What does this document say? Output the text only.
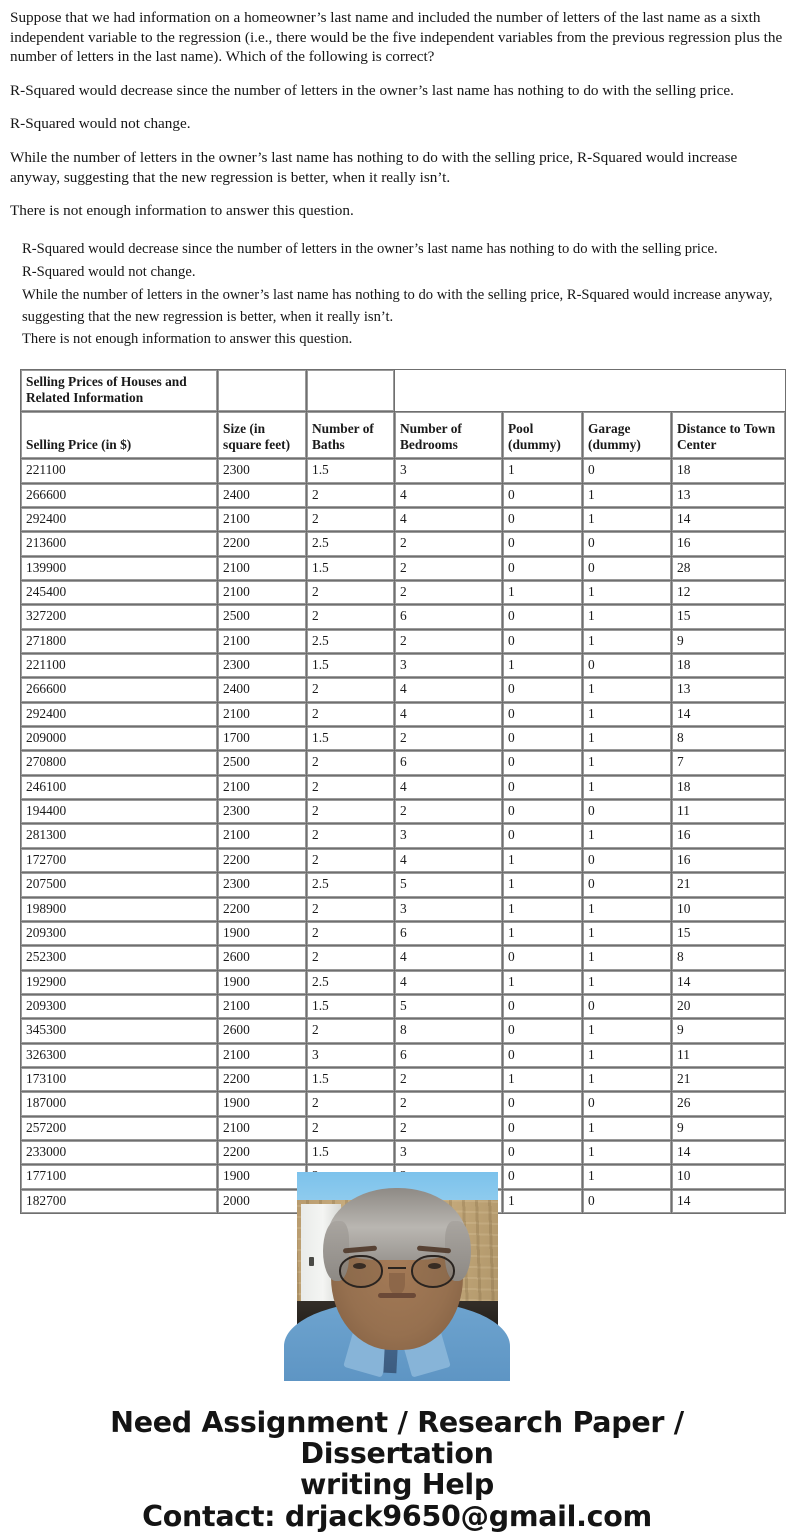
Suppose that we had information on a homeowner’s last name and included the number of letters of the last name as a sixth independent variable to the regression (i.e., there would be the five independent variables from the previous regression plus the number of letters in the last name). Which of the following is correct?

R-Squared would decrease since the number of letters in the owner’s last name has nothing to do with the selling price.

R-Squared would not change.

While the number of letters in the owner’s last name has nothing to do with the selling price, R-Squared would increase anyway, suggesting that the new regression is better, when it really isn’t.

There is not enough information to answer this question.

R-Squared would decrease since the number of letters in the owner’s last name has nothing to do with the selling price.
R-Squared would not change.
While the number of letters in the owner’s last name has nothing to do with the selling price, R-Squared would increase anyway, suggesting that the new regression is better, when it really isn’t.
There is not enough information to answer this question.
Selling Prices of Houses and Related Information						
Selling Price (in $)	Size (in square feet)	Number of Baths	Number of Bedrooms	Pool (dummy)	Garage (dummy)	Distance to Town Center
221100	2300	1.5	3	1	0	18
266600	2400	2	4	0	1	13
292400	2100	2	4	0	1	14
213600	2200	2.5	2	0	0	16
139900	2100	1.5	2	0	0	28
245400	2100	2	2	1	1	12
327200	2500	2	6	0	1	15
271800	2100	2.5	2	0	1	9
221100	2300	1.5	3	1	0	18
266600	2400	2	4	0	1	13
292400	2100	2	4	0	1	14
209000	1700	1.5	2	0	1	8
270800	2500	2	6	0	1	7
246100	2100	2	4	0	1	18
194400	2300	2	2	0	0	11
281300	2100	2	3	0	1	16
172700	2200	2	4	1	0	16
207500	2300	2.5	5	1	0	21
198900	2200	2	3	1	1	10
209300	1900	2	6	1	1	15
252300	2600	2	4	0	1	8
192900	1900	2.5	4	1	1	14
209300	2100	1.5	5	0	0	20
345300	2600	2	8	0	1	9
326300	2100	3	6	0	1	11
173100	2200	1.5	2	1	1	21
187000	1900	2	2	0	0	26
257200	2100	2	2	0	1	9
233000	2200	1.5	3	0	1	14
177100	1900			0	1	10
182700	2000			1	0	14
Need Assignment / Research Paper / Dissertation
writing Help
Contact: drjack9650@gmail.com
